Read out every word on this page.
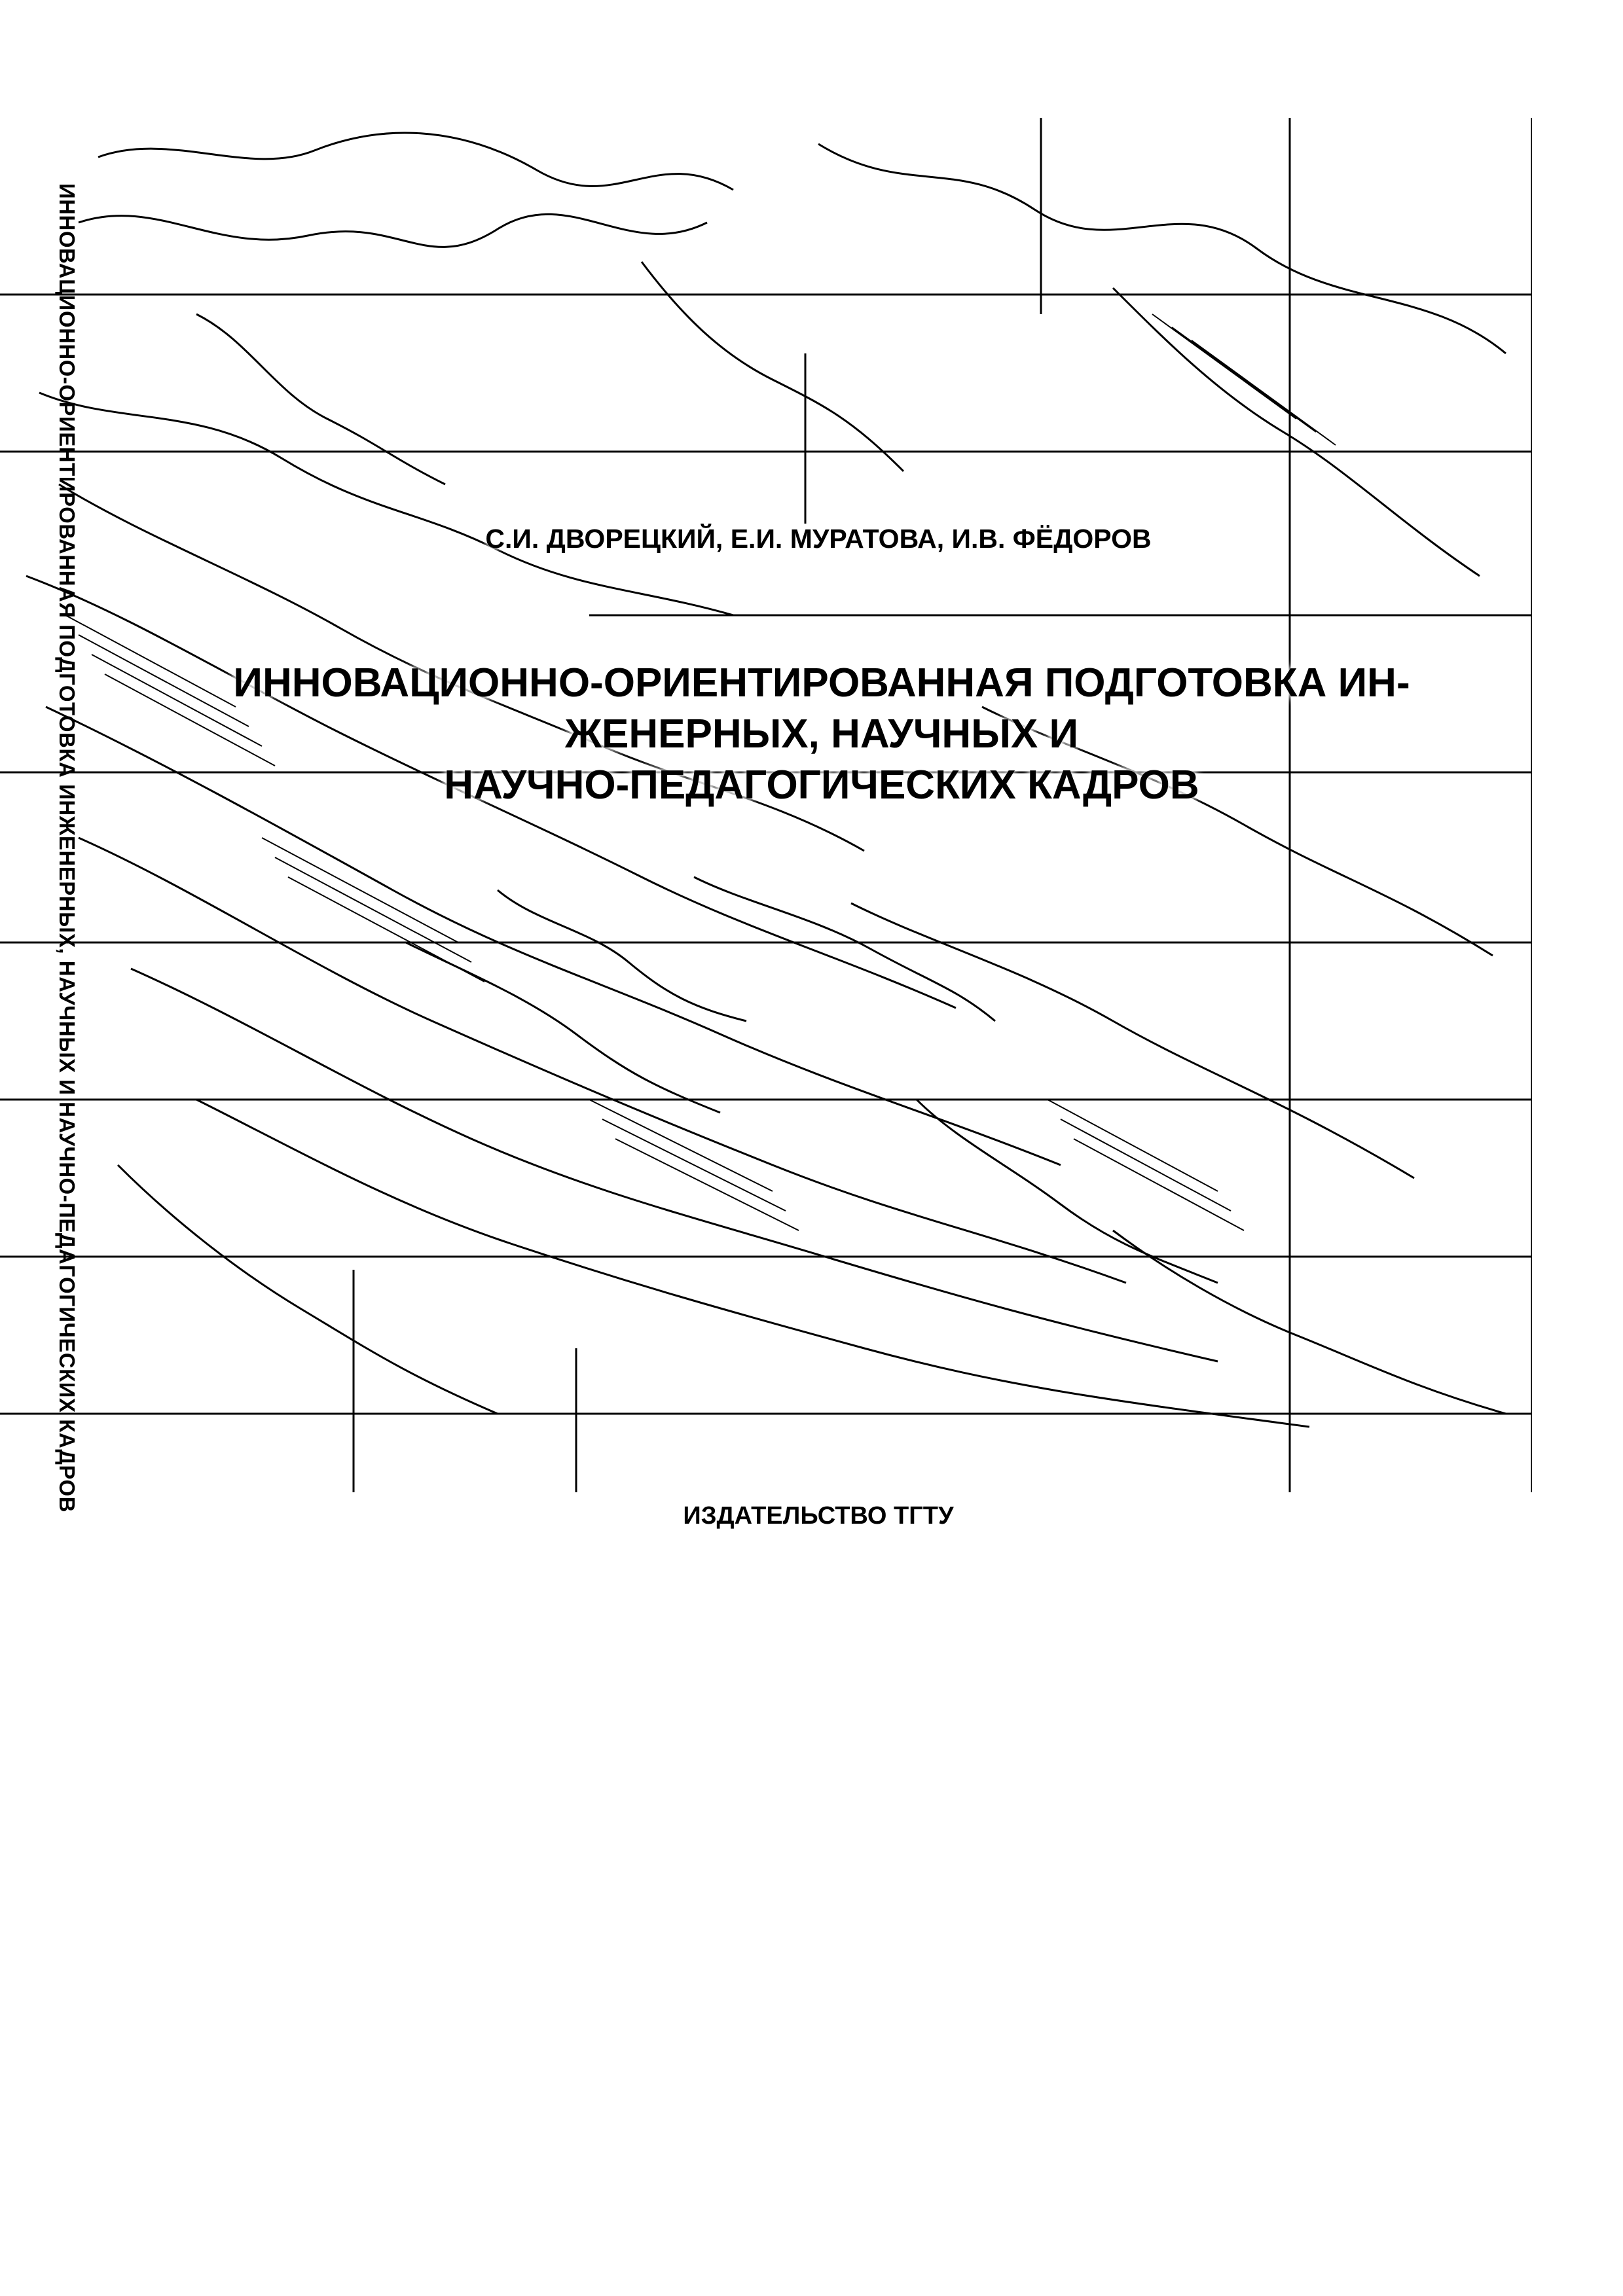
ИННОВАЦИОННО-ОРИЕНТИРОВАННАЯ ПОДГОТОВКА ИНЖЕНЕРНЫХ, НАУЧНЫХ И НАУЧНО-ПЕДАГОГИЧЕСКИХ КАДРОВ	С.И. ДВОРЕЦКИЙ, Е.И. МУРАТОВА, И.В. ФЁДОРОВ
ИННОВАЦИОННО-ОРИЕНТИРОВАННАЯ ПОДГОТОВКА ИН-
ЖЕНЕРНЫХ, НАУЧНЫХ И
НАУЧНО-ПЕДАГОГИЧЕСКИХ КАДРОВ
ИЗДАТЕЛЬСТВО ТГТУ
